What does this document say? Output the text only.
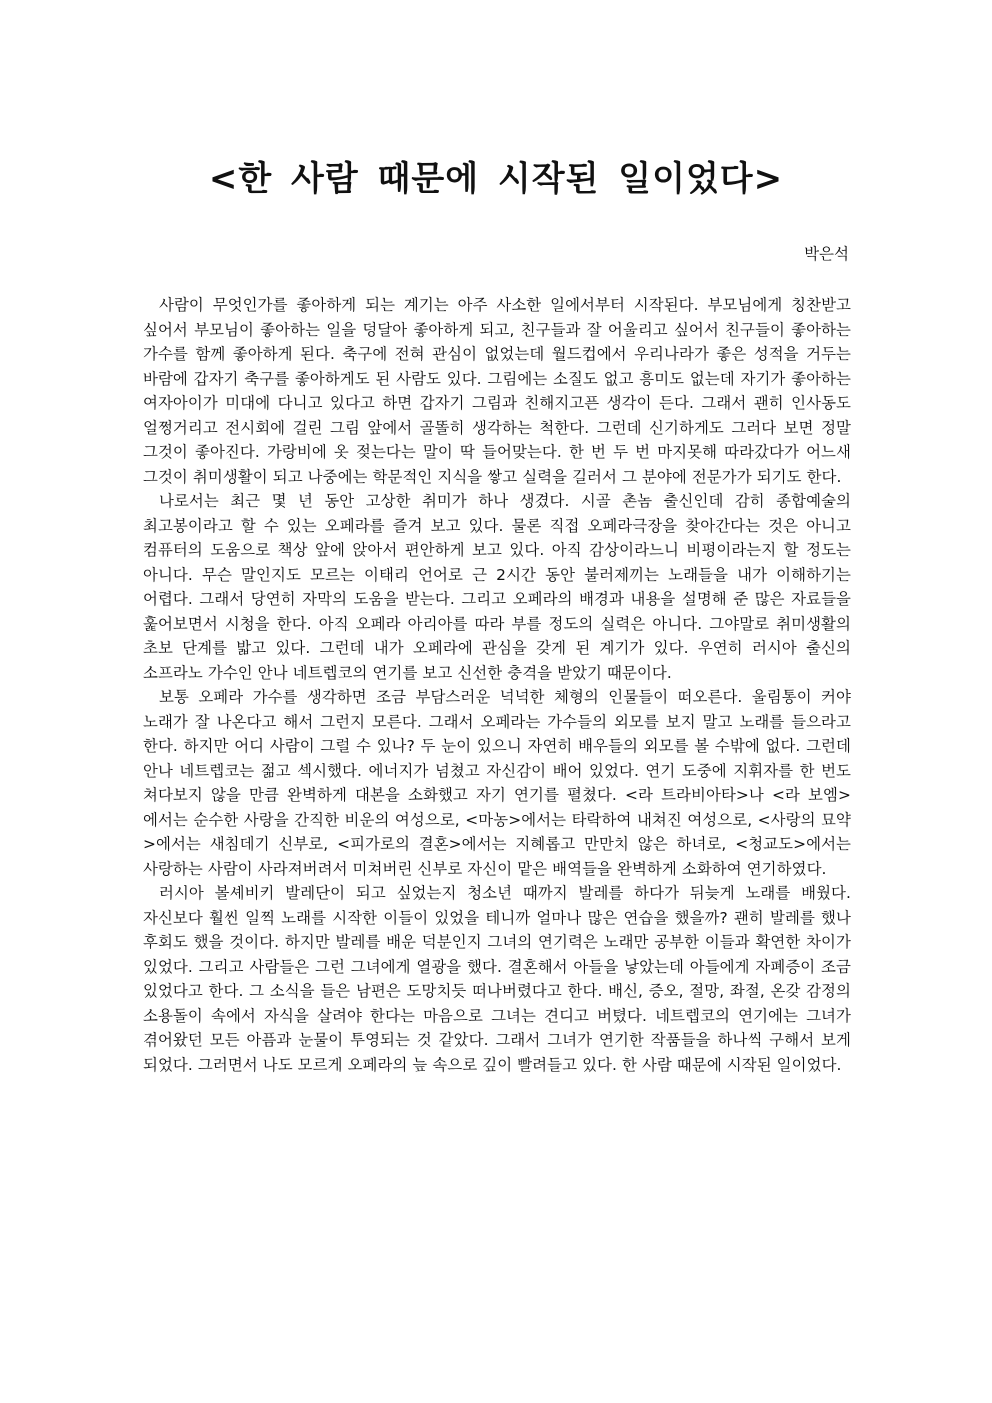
<한 사람 때문에 시작된 일이었다>
박은석

사람이 무엇인가를 좋아하게 되는 계기는 아주 사소한 일에서부터 시작된다. 부모님에게 칭찬받고 싶어서 부모님이 좋아하는 일을 덩달아 좋아하게 되고, 친구들과 잘 어울리고 싶어서 친구들이 좋아하는 가수를 함께 좋아하게 된다. 축구에 전혀 관심이 없었는데 월드컵에서 우리나라가 좋은 성적을 거두는 바람에 갑자기 축구를 좋아하게도 된 사람도 있다. 그림에는 소질도 없고 흥미도 없는데 자기가 좋아하는 여자아이가 미대에 다니고 있다고 하면 갑자기 그림과 친해지고픈 생각이 든다. 그래서 괜히 인사동도 얼쩡거리고 전시회에 걸린 그림 앞에서 골똘히 생각하는 척한다. 그런데 신기하게도 그러다 보면 정말 그것이 좋아진다. 가랑비에 옷 젖는다는 말이 딱 들어맞는다. 한 번 두 번 마지못해 따라갔다가 어느새 그것이 취미생활이 되고 나중에는 학문적인 지식을 쌓고 실력을 길러서 그 분야에 전문가가 되기도 한다.

나로서는 최근 몇 년 동안 고상한 취미가 하나 생겼다. 시골 촌놈 출신인데 감히 종합예술의 최고봉이라고 할 수 있는 오페라를 즐겨 보고 있다. 물론 직접 오페라극장을 찾아간다는 것은 아니고 컴퓨터의 도움으로 책상 앞에 앉아서 편안하게 보고 있다. 아직 감상이라느니 비평이라는지 할 정도는 아니다. 무슨 말인지도 모르는 이태리 언어로 근 2시간 동안 불러제끼는 노래들을 내가 이해하기는 어렵다. 그래서 당연히 자막의 도움을 받는다. 그리고 오페라의 배경과 내용을 설명해 준 많은 자료들을 훑어보면서 시청을 한다. 아직 오페라 아리아를 따라 부를 정도의 실력은 아니다. 그야말로 취미생활의 초보 단계를 밟고 있다. 그런데 내가 오페라에 관심을 갖게 된 계기가 있다. 우연히 러시아 출신의 소프라노 가수인 안나 네트렙코의 연기를 보고 신선한 충격을 받았기 때문이다.

보통 오페라 가수를 생각하면 조금 부담스러운 넉넉한 체형의 인물들이 떠오른다. 울림통이 커야 노래가 잘 나온다고 해서 그런지 모른다. 그래서 오페라는 가수들의 외모를 보지 말고 노래를 들으라고 한다. 하지만 어디 사람이 그럴 수 있나? 두 눈이 있으니 자연히 배우들의 외모를 볼 수밖에 없다. 그런데 안나 네트렙코는 젊고 섹시했다. 에너지가 넘쳤고 자신감이 배어 있었다. 연기 도중에 지휘자를 한 번도 쳐다보지 않을 만큼 완벽하게 대본을 소화했고 자기 연기를 펼쳤다. <라 트라비아타>나 <라 보엠>에서는 순수한 사랑을 간직한 비운의 여성으로, <마농>에서는 타락하여 내쳐진 여성으로, <사랑의 묘약>에서는 새침데기 신부로, <피가로의 결혼>에서는 지혜롭고 만만치 않은 하녀로, <청교도>에서는 사랑하는 사람이 사라져버려서 미쳐버린 신부로 자신이 맡은 배역들을 완벽하게 소화하여 연기하였다.

러시아 볼셰비키 발레단이 되고 싶었는지 청소년 때까지 발레를 하다가 뒤늦게 노래를 배웠다. 자신보다 훨씬 일찍 노래를 시작한 이들이 있었을 테니까 얼마나 많은 연습을 했을까? 괜히 발레를 했나 후회도 했을 것이다. 하지만 발레를 배운 덕분인지 그녀의 연기력은 노래만 공부한 이들과 확연한 차이가 있었다. 그리고 사람들은 그런 그녀에게 열광을 했다. 결혼해서 아들을 낳았는데 아들에게 자폐증이 조금 있었다고 한다. 그 소식을 들은 남편은 도망치듯 떠나버렸다고 한다. 배신, 증오, 절망, 좌절, 온갖 감정의 소용돌이 속에서 자식을 살려야 한다는 마음으로 그녀는 견디고 버텼다. 네트렙코의 연기에는 그녀가 겪어왔던 모든 아픔과 눈물이 투영되는 것 같았다. 그래서 그녀가 연기한 작품들을 하나씩 구해서 보게 되었다. 그러면서 나도 모르게 오페라의 늪 속으로 깊이 빨려들고 있다. 한 사람 때문에 시작된 일이었다.
